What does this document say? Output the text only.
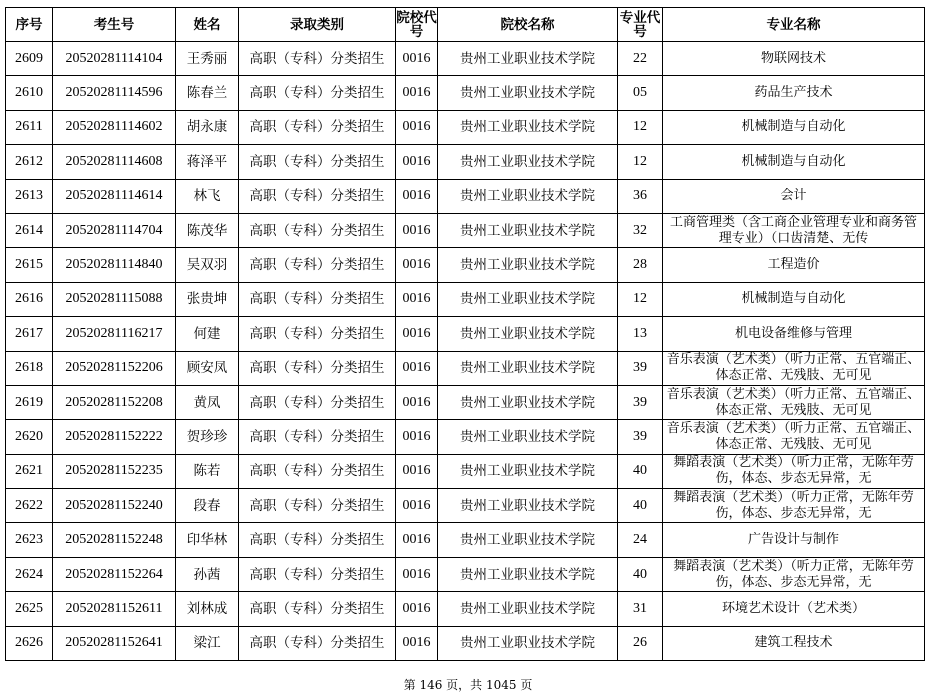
序号	考生号	姓名	录取类别	院校代号	院校名称	专业代号	专业名称
2609	20520281114104	王秀丽	高职（专科）分类招生	0016	贵州工业职业技术学院	22	物联网技术

2610	20520281114596	陈春兰	高职（专科）分类招生	0016	贵州工业职业技术学院	05	药品生产技术

2611	20520281114602	胡永康	高职（专科）分类招生	0016	贵州工业职业技术学院	12	机械制造与自动化

2612	20520281114608	蒋泽平	高职（专科）分类招生	0016	贵州工业职业技术学院	12	机械制造与自动化

2613	20520281114614	林飞	高职（专科）分类招生	0016	贵州工业职业技术学院	36	会计

2614	20520281114704	陈茂华	高职（专科）分类招生	0016	贵州工业职业技术学院	32	工商管理类（含工商企业管理专业和商务管理专业）（口齿清楚、无传

2615	20520281114840	吴双羽	高职（专科）分类招生	0016	贵州工业职业技术学院	28	工程造价

2616	20520281115088	张贵坤	高职（专科）分类招生	0016	贵州工业职业技术学院	12	机械制造与自动化

2617	20520281116217	何建	高职（专科）分类招生	0016	贵州工业职业技术学院	13	机电设备维修与管理

2618	20520281152206	顾安凤	高职（专科）分类招生	0016	贵州工业职业技术学院	39	音乐表演（艺术类）（听力正常、五官端正、体态正常、无残肢、无可见

2619	20520281152208	黄凤	高职（专科）分类招生	0016	贵州工业职业技术学院	39	音乐表演（艺术类）（听力正常、五官端正、体态正常、无残肢、无可见

2620	20520281152222	贺珍珍	高职（专科）分类招生	0016	贵州工业职业技术学院	39	音乐表演（艺术类）（听力正常、五官端正、体态正常、无残肢、无可见

2621	20520281152235	陈若	高职（专科）分类招生	0016	贵州工业职业技术学院	40	舞蹈表演（艺术类）（听力正常，无陈年劳伤，体态、步态无异常，无

2622	20520281152240	段春	高职（专科）分类招生	0016	贵州工业职业技术学院	40	舞蹈表演（艺术类）（听力正常，无陈年劳伤，体态、步态无异常，无

2623	20520281152248	印华林	高职（专科）分类招生	0016	贵州工业职业技术学院	24	广告设计与制作

2624	20520281152264	孙茜	高职（专科）分类招生	0016	贵州工业职业技术学院	40	舞蹈表演（艺术类）（听力正常，无陈年劳伤，体态、步态无异常，无

2625	20520281152611	刘林成	高职（专科）分类招生	0016	贵州工业职业技术学院	31	环境艺术设计（艺术类）

2626	20520281152641	梁江	高职（专科）分类招生	0016	贵州工业职业技术学院	26	建筑工程技术
第 146 页，共 1045 页
